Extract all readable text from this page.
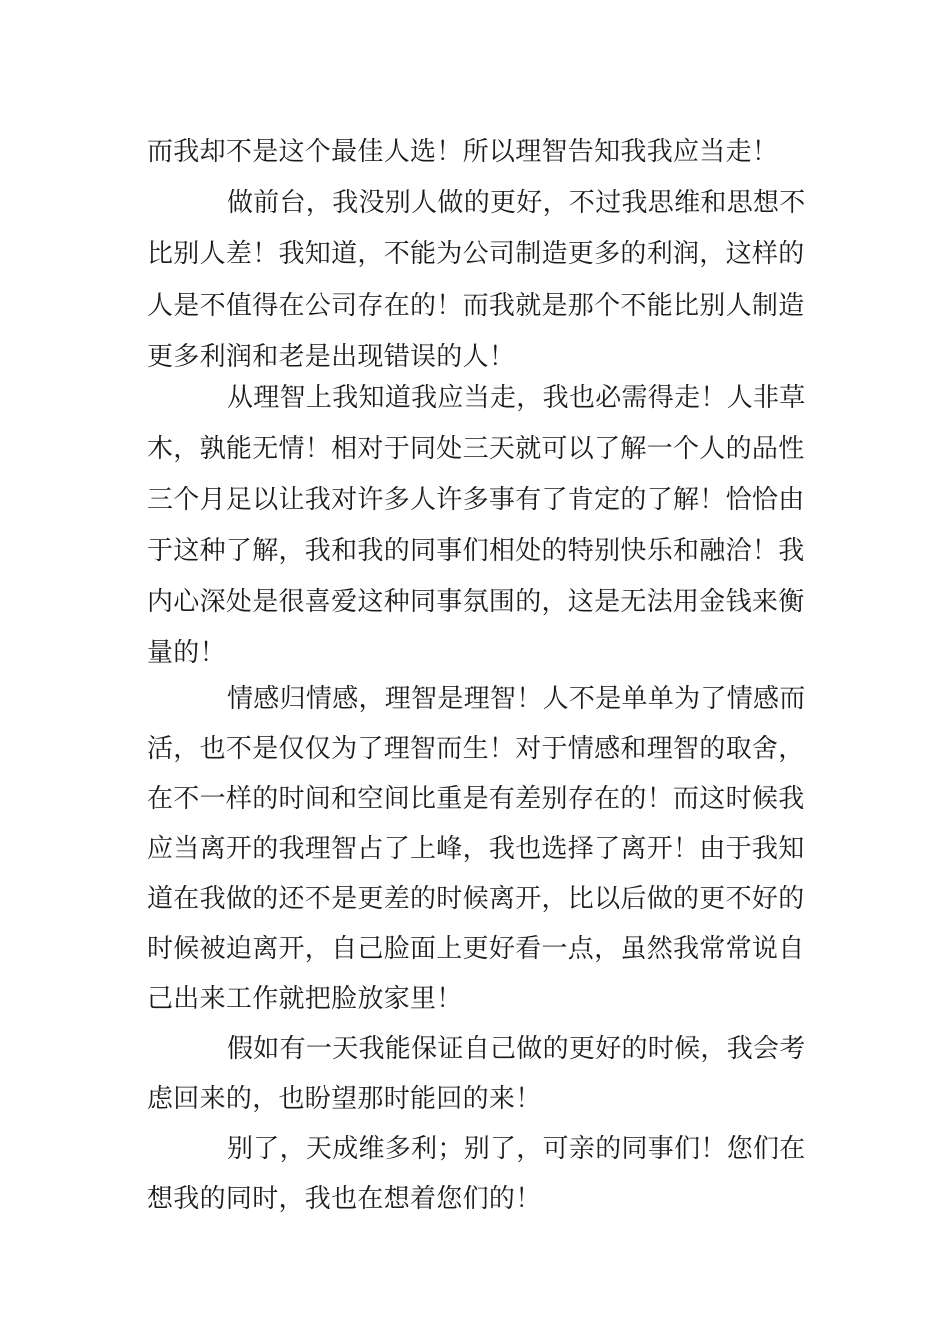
而我却不是这个最佳人选！所以理智告知我我应当走！
做前台，我没别人做的更好，不过我思维和思想不
比别人差！我知道，不能为公司制造更多的利润，这样的
人是不值得在公司存在的！而我就是那个不能比别人制造
更多利润和老是出现错误的人！
从理智上我知道我应当走，我也必需得走！人非草
木，孰能无情！相对于同处三天就可以了解一个人的品性
三个月足以让我对许多人许多事有了肯定的了解！恰恰由
于这种了解，我和我的同事们相处的特别快乐和融洽！我
内心深处是很喜爱这种同事氛围的，这是无法用金钱来衡
量的！
情感归情感，理智是理智！人不是单单为了情感而
活，也不是仅仅为了理智而生！对于情感和理智的取舍，
在不一样的时间和空间比重是有差别存在的！而这时候我
应当离开的我理智占了上峰，我也选择了离开！由于我知
道在我做的还不是更差的时候离开，比以后做的更不好的
时候被迫离开，自己脸面上更好看一点，虽然我常常说自
己出来工作就把脸放家里！
假如有一天我能保证自己做的更好的时候，我会考
虑回来的，也盼望那时能回的来！
别了，天成维多利；别了，可亲的同事们！您们在
想我的同时，我也在想着您们的！
